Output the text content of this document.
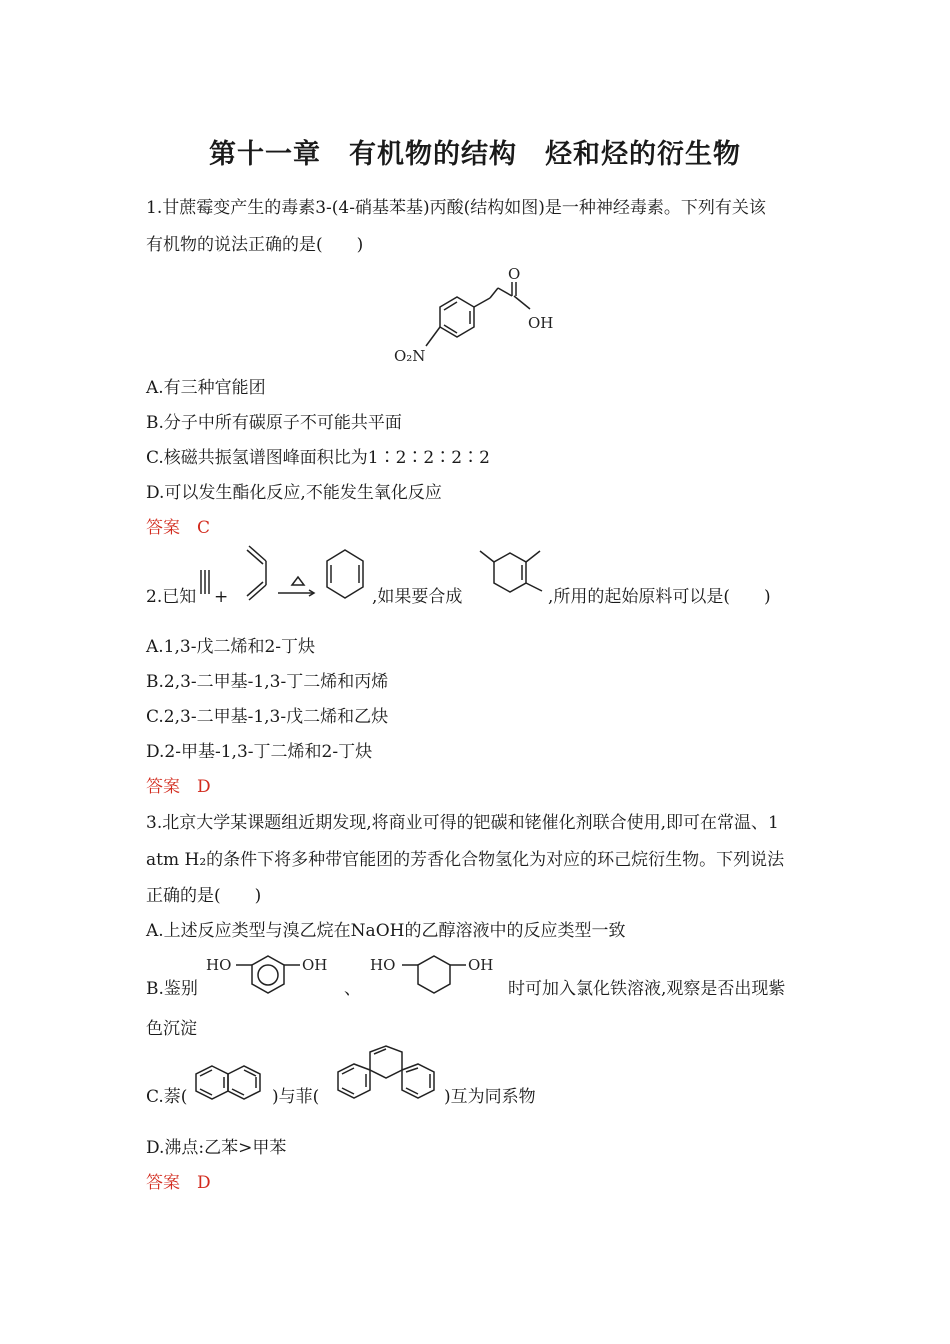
第十一章　有机物的结构　烃和烃的衍生物
1.甘蔗霉变产生的毒素3-(4-硝基苯基)丙酸(结构如图)是一种神经毒素。下列有关该
有机物的说法正确的是(　　)
O
OH
O₂N
A.有三种官能团
B.分子中所有碳原子不可能共平面
C.核磁共振氢谱图峰面积比为1∶2∶2∶2∶2
D.可以发生酯化反应,不能发生氧化反应
答案　C
2.已知 +	,如果要合成	,所用的起始原料可以是(　　)
A.1,3-戊二烯和2-丁炔
B.2,3-二甲基-1,3-丁二烯和丙烯
C.2,3-二甲基-1,3-戊二烯和乙炔
D.2-甲基-1,3-丁二烯和2-丁炔
答案　D
3.北京大学某课题组近期发现,将商业可得的钯碳和铑催化剂联合使用,即可在常温、1
atm H₂的条件下将多种带官能团的芳香化合物氢化为对应的环己烷衍生物。下列说法
正确的是(　　)
A.上述反应类型与溴乙烷在NaOH的乙醇溶液中的反应类型一致
B.鉴别
HO	OH
、
HO	OH
时可加入氯化铁溶液,观察是否出现紫
色沉淀
C.萘(	)与菲(	)互为同系物
D.沸点:乙苯>甲苯
答案　D
